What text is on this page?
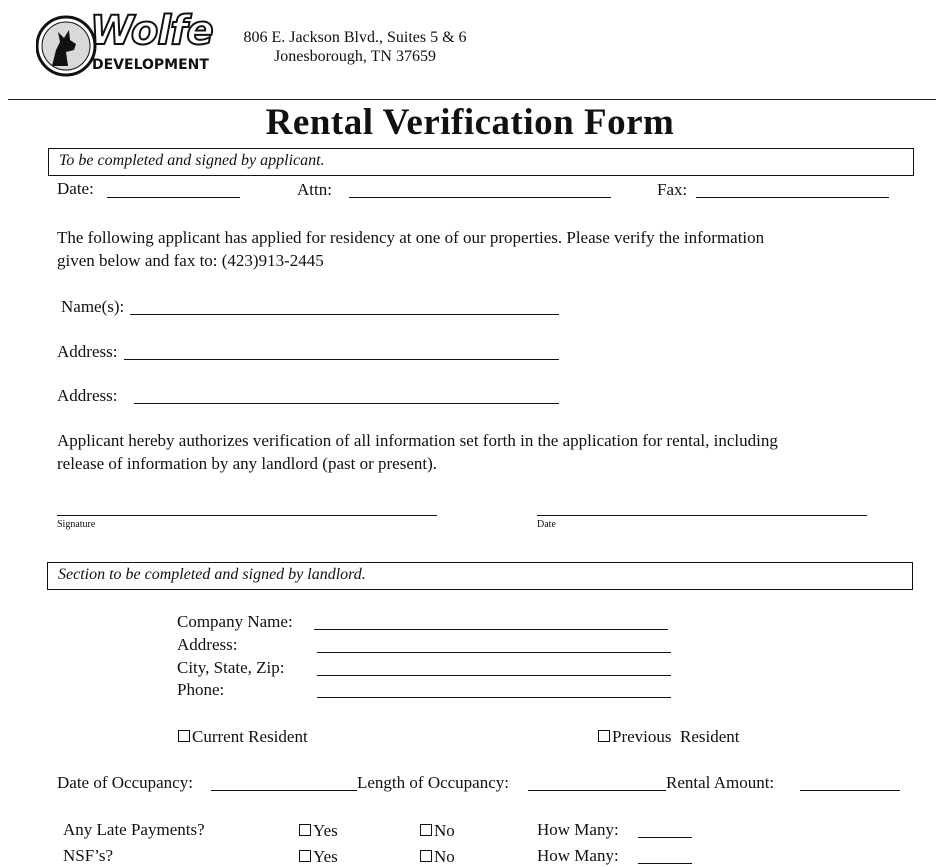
Wolfe
DEVELOPMENT
806 E. Jackson Blvd., Suites 5 & 6
Jonesborough, TN 37659
Rental Verification Form
To be completed and signed by applicant.
Date:	Attn:	Fax:
The following applicant has applied for residency at one of our properties. Please verify the information
given below and fax to: (423)913-2445
Name(s):
Address:
Address:
Applicant hereby authorizes verification of all information set forth in the application for rental, including
release of information by any landlord (past or present).
Signature	Date
Section to be completed and signed by landlord.
Company Name:
Address:
City, State, Zip:
Phone:
Current Resident	Previous  Resident
Date of Occupancy:	Length of Occupancy:	Rental Amount:
Any Late Payments?	Yes	No	How Many:
NSF’s?	Yes	No	How Many:
